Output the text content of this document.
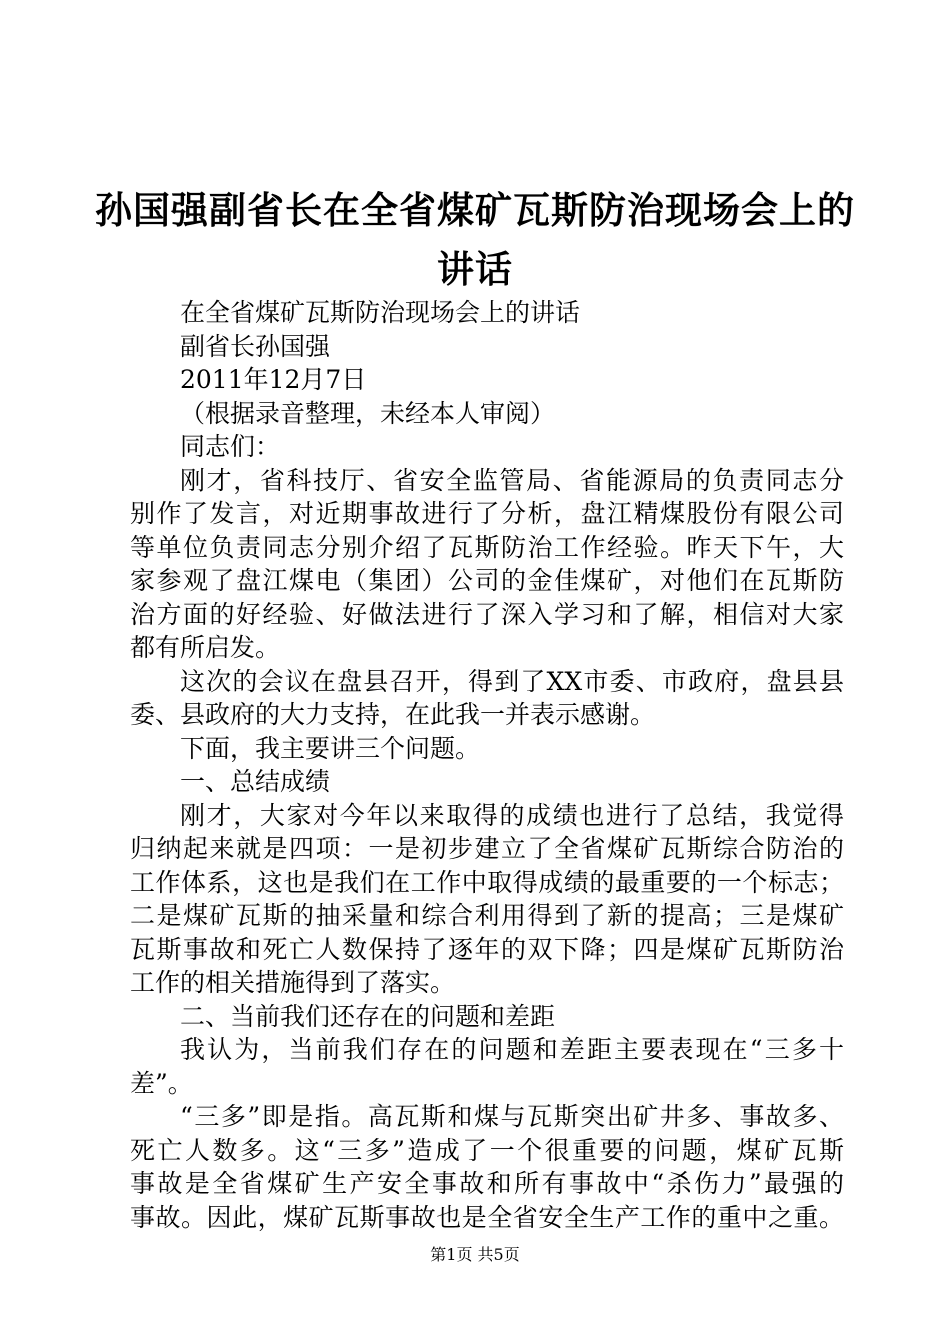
孙国强副省长在全省煤矿瓦斯防治现场会上的
讲话
在全省煤矿瓦斯防治现场会上的讲话
副省长孙国强
2011年12月7日
（根据录音整理，未经本人审阅）
同志们：
刚才，省科技厅、省安全监管局、省能源局的负责同志分
别作了发言，对近期事故进行了分析，盘江精煤股份有限公司
等单位负责同志分别介绍了瓦斯防治工作经验。昨天下午，大
家参观了盘江煤电（集团）公司的金佳煤矿，对他们在瓦斯防
治方面的好经验、好做法进行了深入学习和了解，相信对大家
都有所启发。
这次的会议在盘县召开，得到了XX市委、市政府，盘县县
委、县政府的大力支持，在此我一并表示感谢。
下面，我主要讲三个问题。
一、总结成绩
刚才，大家对今年以来取得的成绩也进行了总结，我觉得
归纳起来就是四项：一是初步建立了全省煤矿瓦斯综合防治的
工作体系，这也是我们在工作中取得成绩的最重要的一个标志；
二是煤矿瓦斯的抽采量和综合利用得到了新的提高；三是煤矿
瓦斯事故和死亡人数保持了逐年的双下降；四是煤矿瓦斯防治
工作的相关措施得到了落实。
二、当前我们还存在的问题和差距
我认为，当前我们存在的问题和差距主要表现在“三多十
差”。
“三多”即是指。高瓦斯和煤与瓦斯突出矿井多、事故多、
死亡人数多。这“三多”造成了一个很重要的问题，煤矿瓦斯
事故是全省煤矿生产安全事故和所有事故中“杀伤力”最强的
事故。因此，煤矿瓦斯事故也是全省安全生产工作的重中之重。
第1页 共5页
